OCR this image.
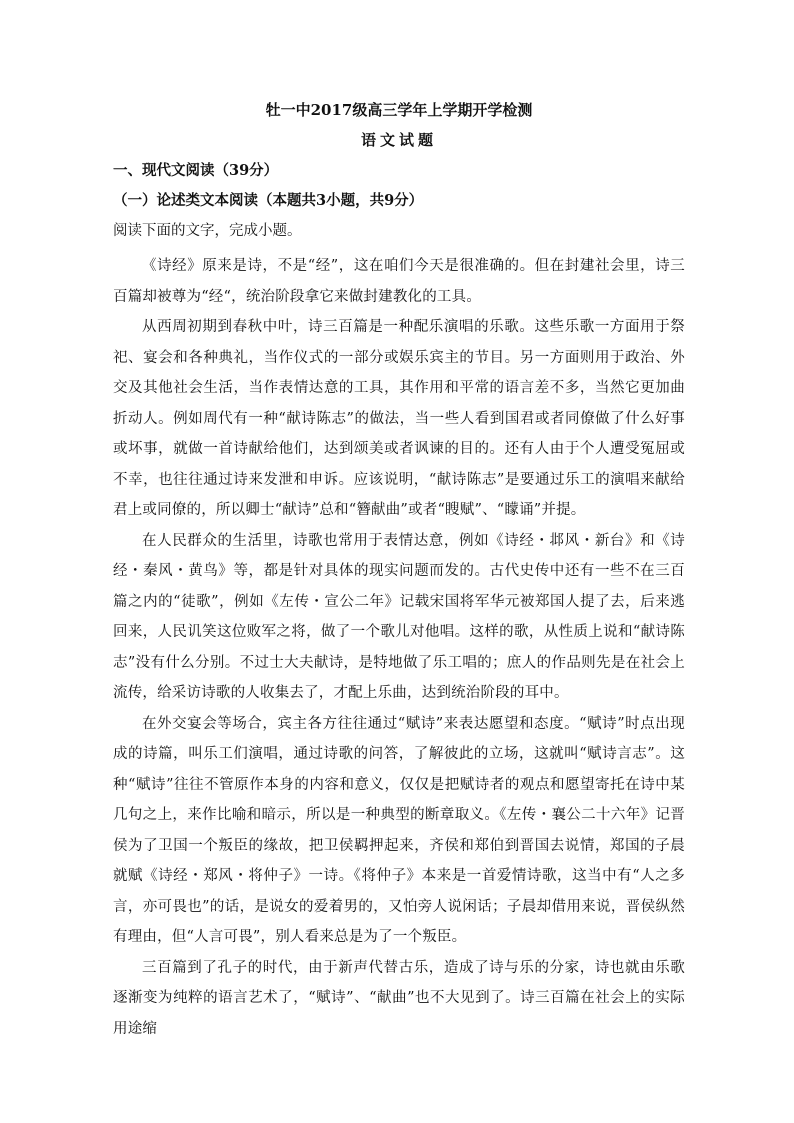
牡一中2017级高三学年上学期开学检测

语文试题

一、现代文阅读（39分）

（一）论述类文本阅读（本题共3小题，共9分）

阅读下面的文字，完成小题。

《诗经》原来是诗，不是“经”，这在咱们今天是很准确的。但在封建社会里，诗三百篇却被尊为“经“，统治阶段拿它来做封建教化的工具。

从西周初期到春秋中叶，诗三百篇是一种配乐演唱的乐歌。这些乐歌一方面用于祭祀、宴会和各种典礼，当作仪式的一部分或娱乐宾主的节目。另一方面则用于政治、外交及其他社会生活，当作表情达意的工具，其作用和平常的语言差不多，当然它更加曲折动人。例如周代有一种“献诗陈志”的做法，当一些人看到国君或者同僚做了什么好事或坏事，就做一首诗献给他们，达到颂美或者讽谏的目的。还有人由于个人遭受冤屈或不幸，也往往通过诗来发泄和申诉。应该说明，“献诗陈志”是要通过乐工的演唱来献给君上或同僚的，所以卿士“献诗”总和“簪献曲”或者“瞍赋”、“矇诵”并提。

在人民群众的生活里，诗歌也常用于表情达意，例如《诗经・邶风・新台》和《诗经・秦风・黄鸟》等，都是针对具体的现实问题而发的。古代史传中还有一些不在三百篇之内的“徒歌”，例如《左传・宣公二年》记载宋国将军华元被郑国人提了去，后来逃回来，人民讥笑这位败军之将，做了一个歌儿对他唱。这样的歌，从性质上说和“献诗陈志”没有什么分别。不过士大夫献诗，是特地做了乐工唱的；庶人的作品则先是在社会上流传，给采访诗歌的人收集去了，才配上乐曲，达到统治阶段的耳中。

在外交宴会等场合，宾主各方往往通过“赋诗”来表达愿望和态度。“赋诗”时点出现成的诗篇，叫乐工们演唱，通过诗歌的问答，了解彼此的立场，这就叫“赋诗言志”。这种“赋诗”往往不管原作本身的内容和意义，仅仅是把赋诗者的观点和愿望寄托在诗中某几句之上，来作比喻和暗示，所以是一种典型的断章取义。《左传・襄公二十六年》记晋侯为了卫国一个叛臣的缘故，把卫侯羁押起来，齐侯和郑伯到晋国去说情，郑国的子晨就赋《诗经・郑风・将仲子》一诗。《将仲子》本来是一首爱情诗歌，这当中有“人之多言，亦可畏也”的话，是说女的爱着男的，又怕旁人说闲话；子晨却借用来说，晋侯纵然有理由，但“人言可畏”，别人看来总是为了一个叛臣。

三百篇到了孔子的时代，由于新声代替古乐，造成了诗与乐的分家，诗也就由乐歌逐渐变为纯粹的语言艺术了，“赋诗”、“献曲”也不大见到了。诗三百篇在社会上的实际用途缩
